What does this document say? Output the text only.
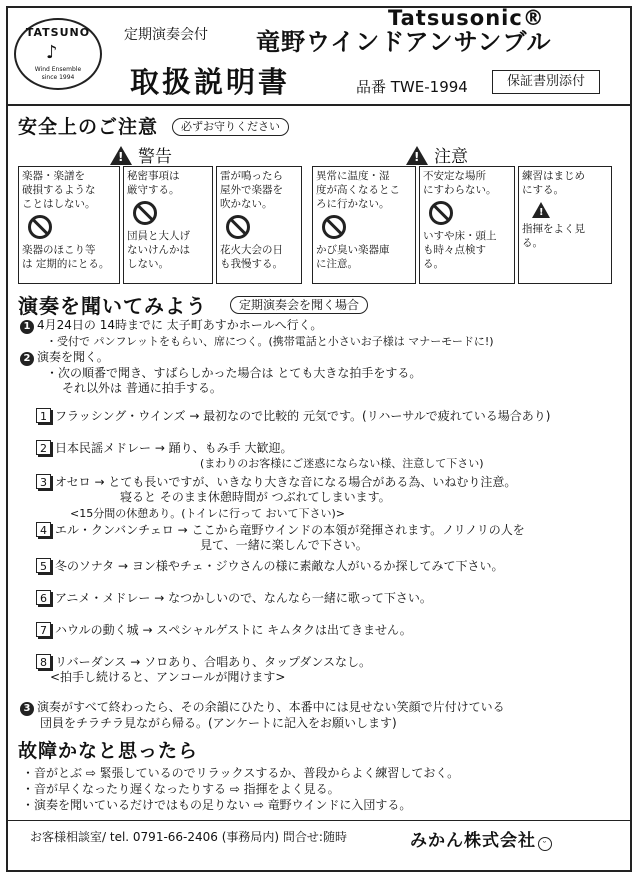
TATSUNO
♪
Wind Ensemble
since 1994
Tatsusonic®
定期演奏会付 竜野ウインドアンサンブル
取扱説明書	品番 TWE-1994	保証書別添付
安全上のご注意	必ずお守りください
!警告
!	注意
楽器・楽譜を
破損するような
ことはしない。
楽器のほこり等
は 定期的にとる。
秘密事項は
厳守する。
団員と大人げ
ないけんかは
しない。
雷が鳴ったら
屋外で楽器を
吹かない。
花火大会の日
も我慢する。
異常に温度・湿
度が高くなるとこ
ろに行かない。
かび臭い楽器庫
に注意。
不安定な場所
にすわらない。
いすや床・頭上
も時々点検す
る。
練習はまじめ
にする。
!
指揮をよく見
る。
演奏を聞いてみよう	定期演奏会を聞く場合
1 4月24日の 14時までに 太子町あすかホールへ行く。
・受付で パンフレットをもらい、席につく。(携帯電話と小さいお子様は マナーモードに!)
2 演奏を聞く。
・次の順番で聞き、すばらしかった場合は とても大きな拍手をする。
それ以外は 普通に拍手する。
1 フラッシング・ウインズ → 最初なので比較的 元気です。(リハーサルで疲れている場合あり)
2 日本民謡メドレー → 踊り、もみ手 大歓迎。
(まわりのお客様にご迷惑にならない様、注意して下さい)
3 オセロ → とても長いですが、いきなり大きな音になる場合がある為、いねむり注意。
寝ると そのまま休憩時間が つぶれてしまいます。
<15分間の休憩あり。(トイレに行って おいて下さい)>
4 エル・クンバンチェロ → ここから竜野ウインドの本領が発揮されます。ノリノリの人を
見て、一緒に楽しんで下さい。
5 冬のソナタ → ヨン様やチェ・ジウさんの様に素敵な人がいるか探してみて下さい。
6 アニメ・メドレー → なつかしいので、なんなら一緒に歌って下さい。
7 ハウルの動く城 → スペシャルゲストに キムタクは出てきません。
8 リバーダンス → ソロあり、合唱あり、タップダンスなし。
<拍手し続けると、アンコールが聞けます>
3 演奏がすべて終わったら、その余韻にひたり、本番中には見せない笑顔で片付けている
団員をチラチラ見ながら帰る。(アンケートに記入をお願いします)
故障かなと思ったら
・音がとぶ ⇨ 緊張しているのでリラックスするか、普段からよく練習しておく。
・音が早くなったり遅くなったりする ⇨ 指揮をよく見る。
・演奏を聞いているだけではもの足りない ⇨ 竜野ウインドに入団する。
お客様相談室/ tel. 0791-66-2406 (事務局内) 問合せ:随時	みかん株式会社 ᵕ
